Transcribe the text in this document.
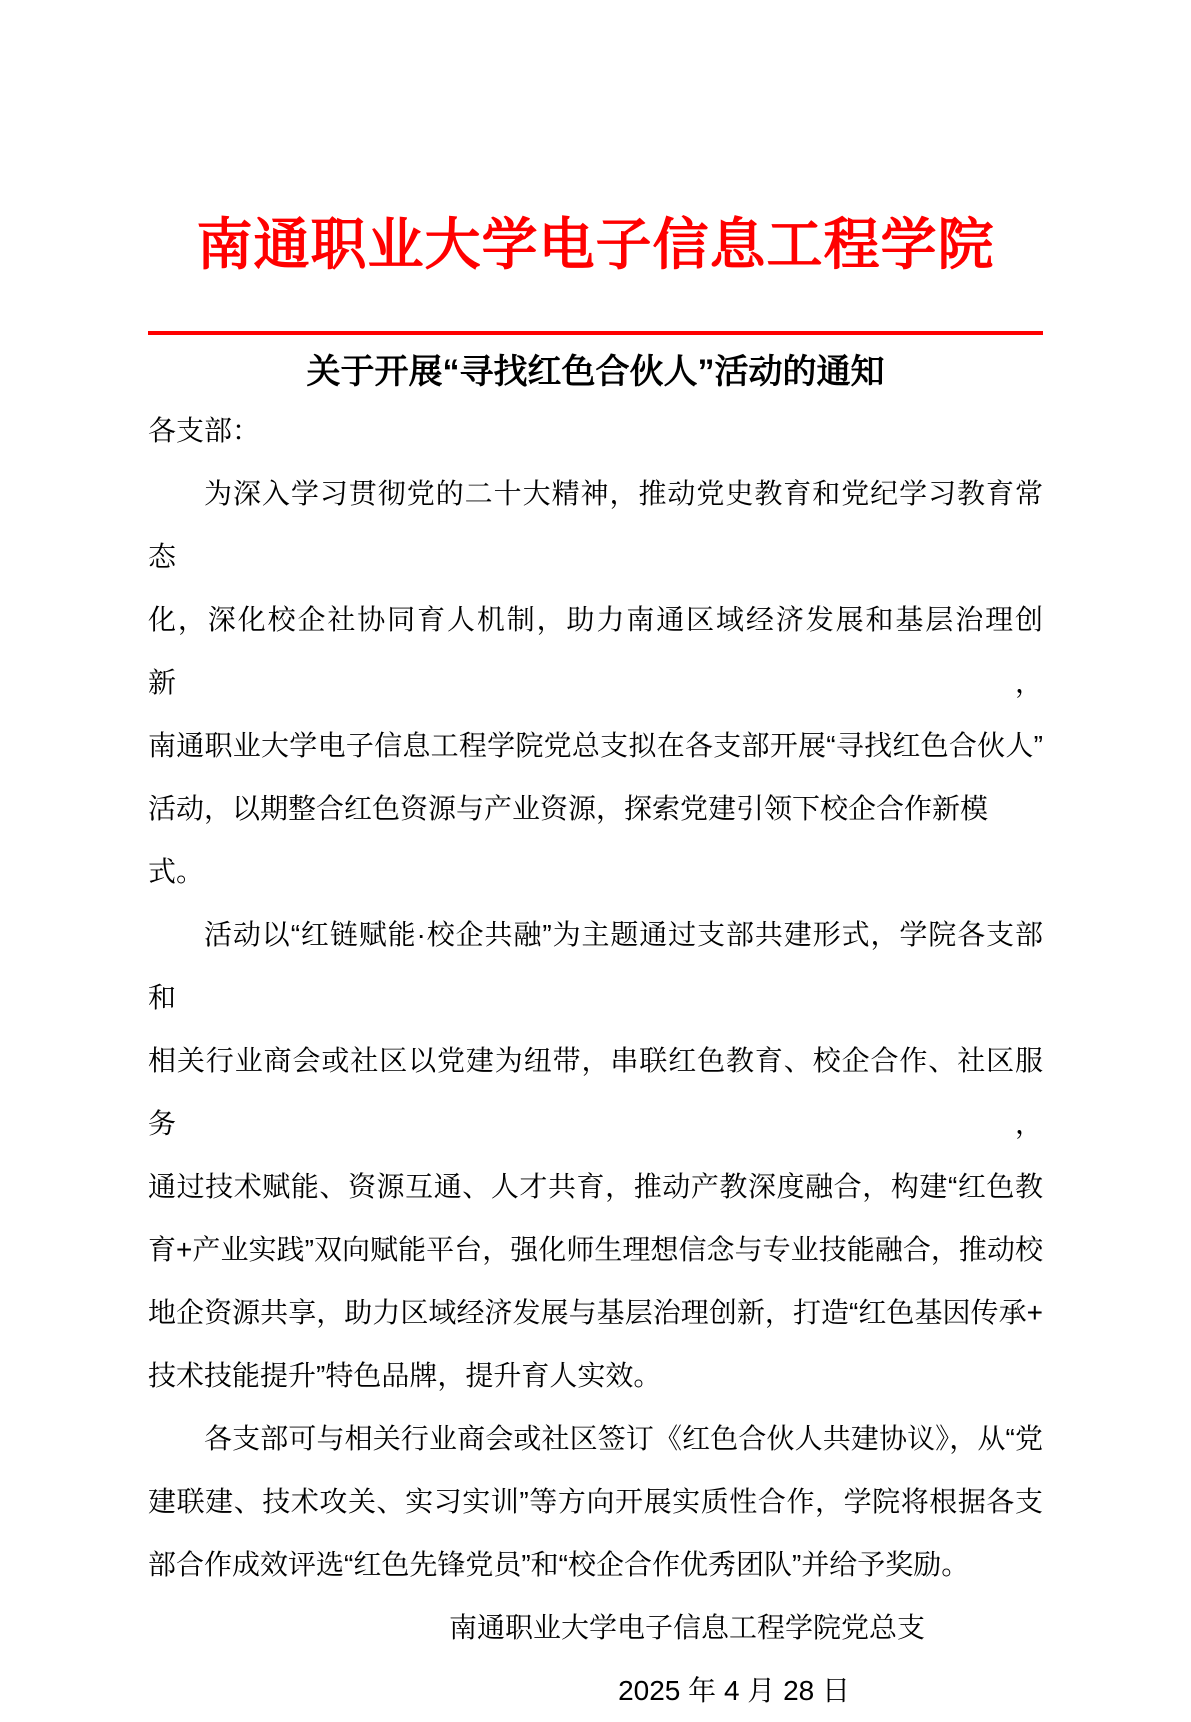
南通职业大学电子信息工程学院
关于开展“寻找红色合伙人”活动的通知
各支部：
为深入学习贯彻党的二十大精神，推动党史教育和党纪学习教育常态
化，深化校企社协同育人机制，助力南通区域经济发展和基层治理创新，
南通职业大学电子信息工程学院党总支拟在各支部开展“寻找红色合伙人”
活动，以期整合红色资源与产业资源，探索党建引领下校企合作新模式。
活动以“红链赋能·校企共融”为主题通过支部共建形式，学院各支部和
相关行业商会或社区以党建为纽带，串联红色教育、校企合作、社区服务，
通过技术赋能、资源互通、人才共育，推动产教深度融合，构建“红色教
育+产业实践”双向赋能平台，强化师生理想信念与专业技能融合，推动校
地企资源共享，助力区域经济发展与基层治理创新，打造“红色基因传承+
技术技能提升”特色品牌，提升育人实效。
各支部可与相关行业商会或社区签订《红色合伙人共建协议》，从“党
建联建、技术攻关、实习实训”等方向开展实质性合作，学院将根据各支
部合作成效评选“红色先锋党员”和“校企合作优秀团队”并给予奖励。
南通职业大学电子信息工程学院党总支
2025 年 4 月 28 日
